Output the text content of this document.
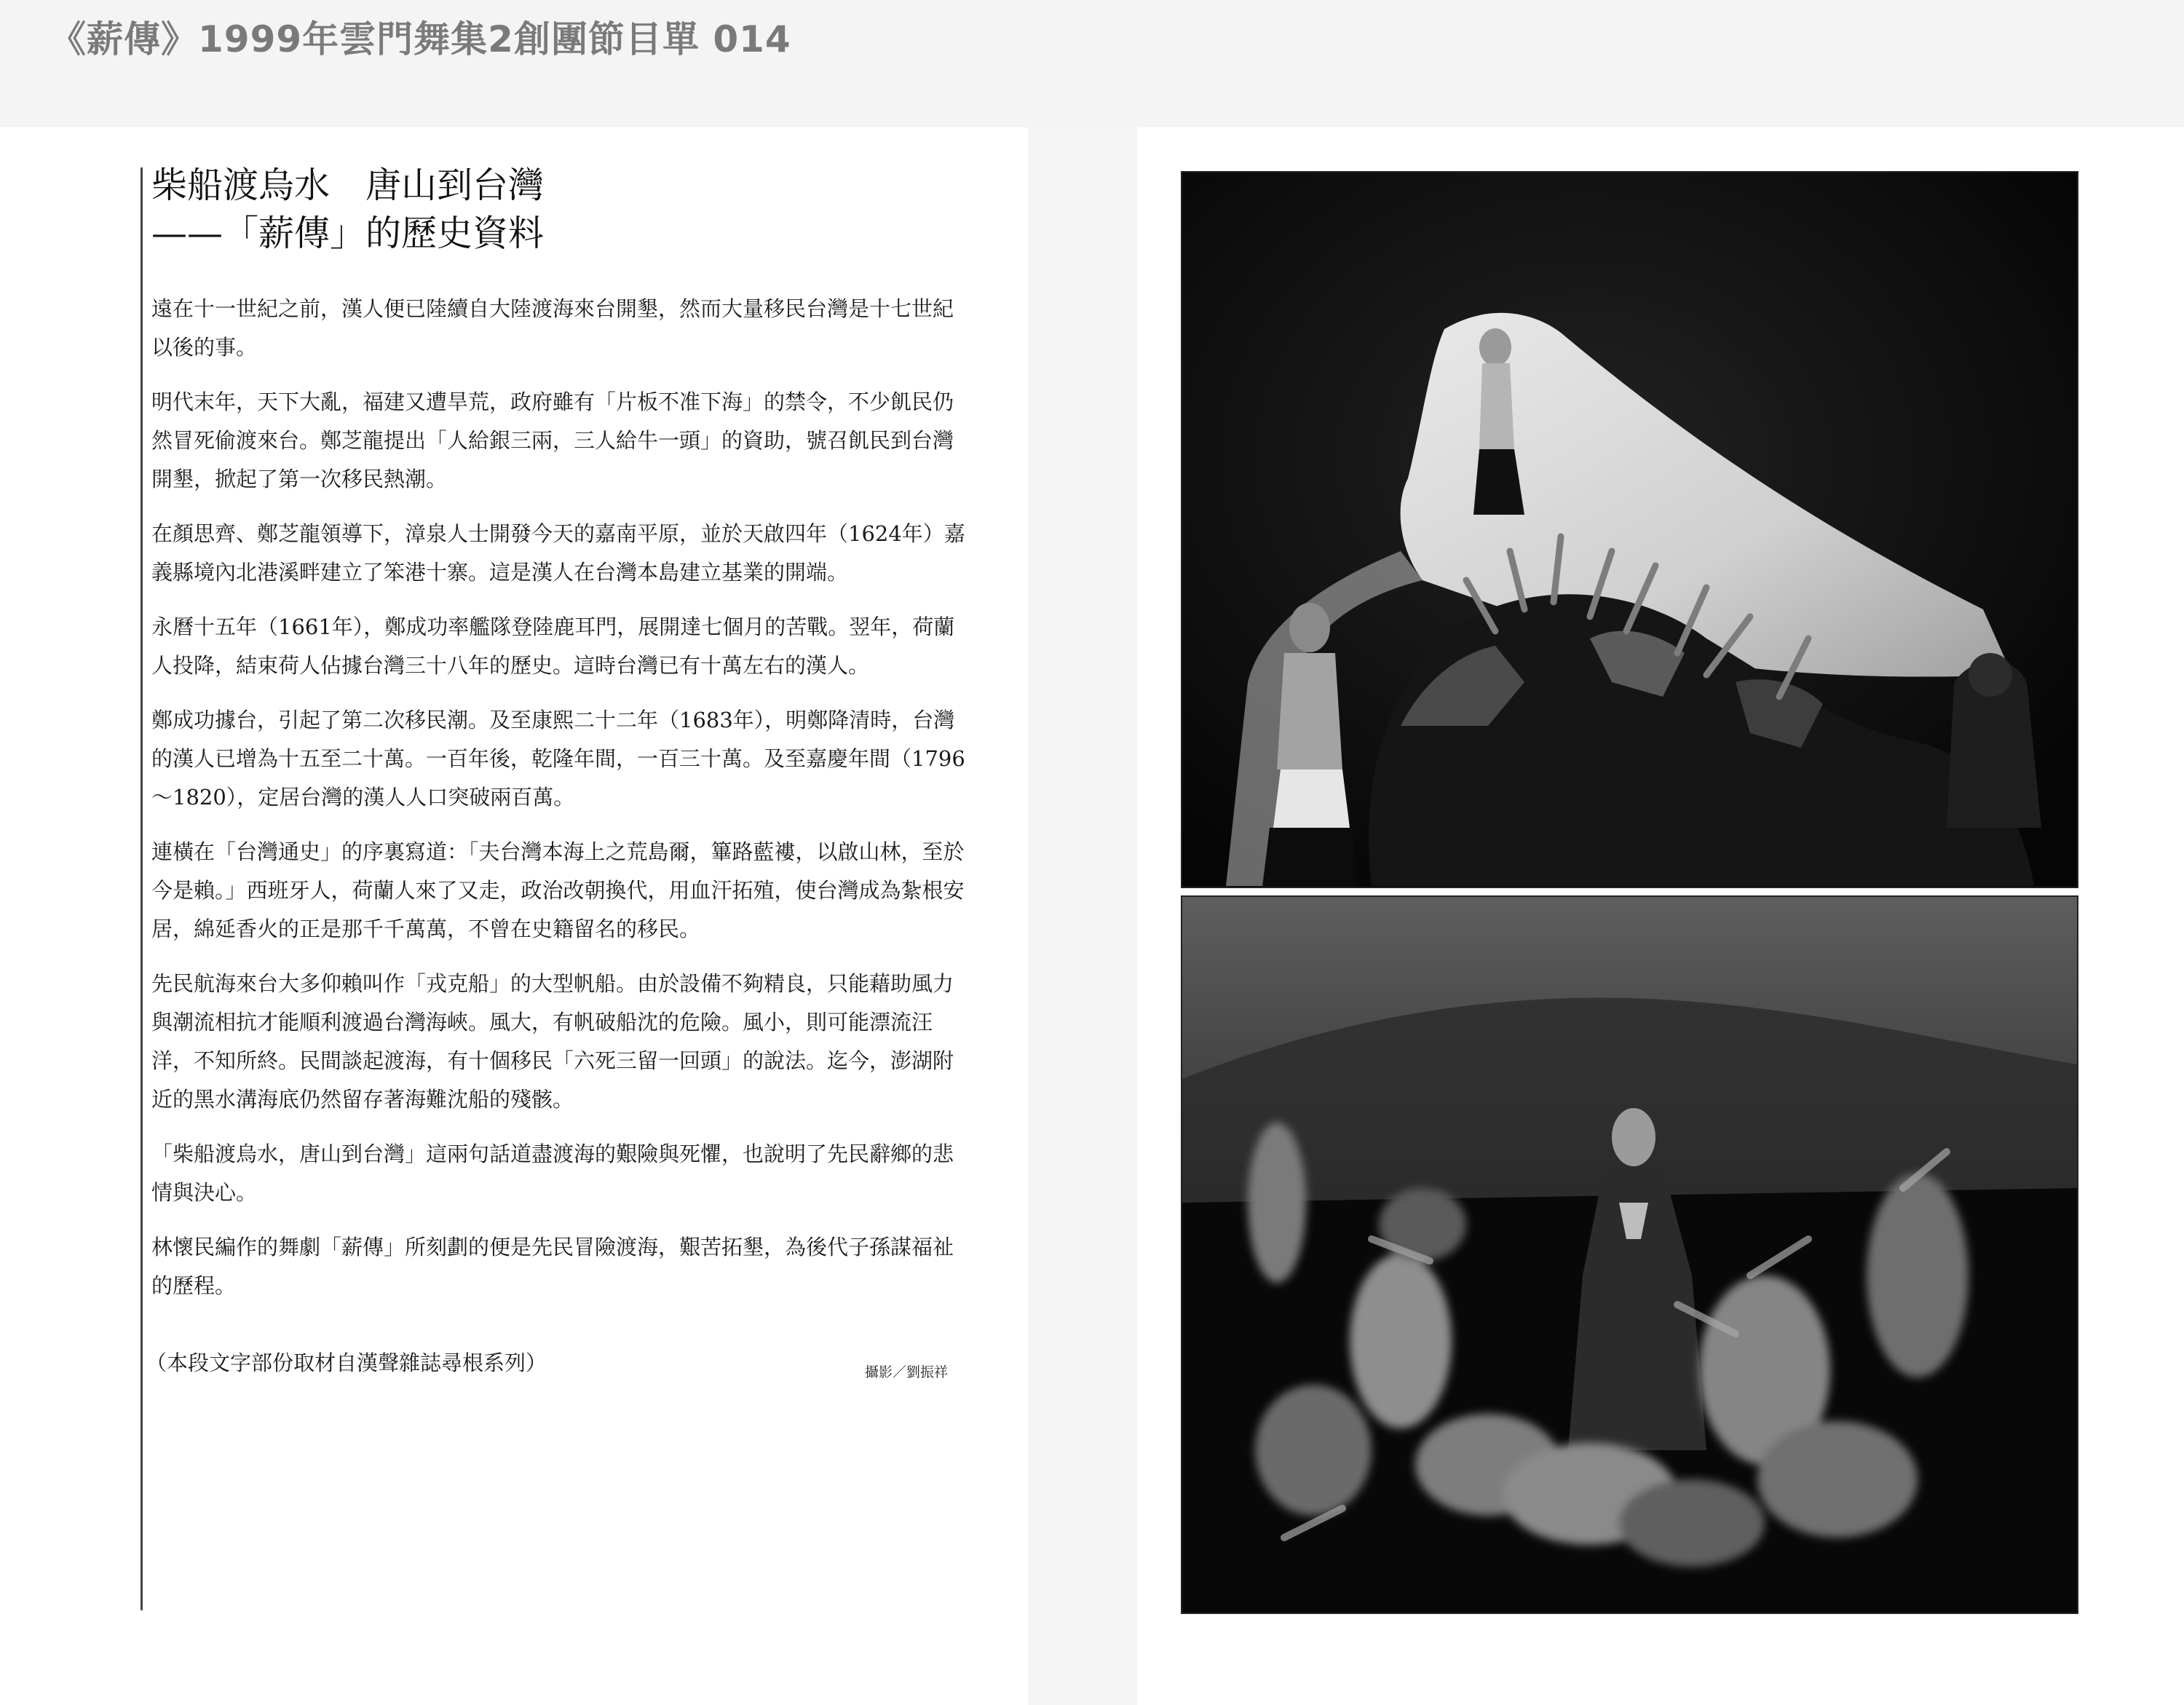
《薪傳》1999年雲門舞集2創團節目單 014
柴船渡烏水　唐山到台灣
——「薪傳」的歷史資料

遠在十一世紀之前，漢人便已陸續自大陸渡海來台開墾，然而大量移民台灣是十七世紀以後的事。

明代末年，天下大亂，福建又遭旱荒，政府雖有「片板不准下海」的禁令，不少飢民仍然冒死偷渡來台。鄭芝龍提出「人給銀三兩，三人給牛一頭」的資助，號召飢民到台灣開墾，掀起了第一次移民熱潮。

在顏思齊、鄭芝龍領導下，漳泉人士開發今天的嘉南平原，並於天啟四年（1624年）嘉義縣境內北港溪畔建立了笨港十寨。這是漢人在台灣本島建立基業的開端。

永曆十五年（1661年），鄭成功率艦隊登陸鹿耳門，展開達七個月的苦戰。翌年，荷蘭人投降，結束荷人佔據台灣三十八年的歷史。這時台灣已有十萬左右的漢人。

鄭成功據台，引起了第二次移民潮。及至康熙二十二年（1683年），明鄭降清時，台灣的漢人已增為十五至二十萬。一百年後，乾隆年間，一百三十萬。及至嘉慶年間（1796～1820），定居台灣的漢人人口突破兩百萬。

連橫在「台灣通史」的序裏寫道：「夫台灣本海上之荒島爾，篳路藍褸，以啟山林，至於今是賴。」西班牙人，荷蘭人來了又走，政治改朝換代，用血汗拓殖，使台灣成為紮根安居，綿延香火的正是那千千萬萬，不曾在史籍留名的移民。

先民航海來台大多仰賴叫作「戎克船」的大型帆船。由於設備不夠精良，只能藉助風力與潮流相抗才能順利渡過台灣海峽。風大，有帆破船沈的危險。風小，則可能漂流汪洋，不知所終。民間談起渡海，有十個移民「六死三留一回頭」的說法。迄今，澎湖附近的黑水溝海底仍然留存著海難沈船的殘骸。

「柴船渡烏水，唐山到台灣」這兩句話道盡渡海的艱險與死懼，也說明了先民辭鄉的悲情與決心。

林懷民編作的舞劇「薪傳」所刻劃的便是先民冒險渡海，艱苦拓墾，為後代子孫謀福祉的歷程。

（本段文字部份取材自漢聲雜誌尋根系列）	攝影／劉振祥
